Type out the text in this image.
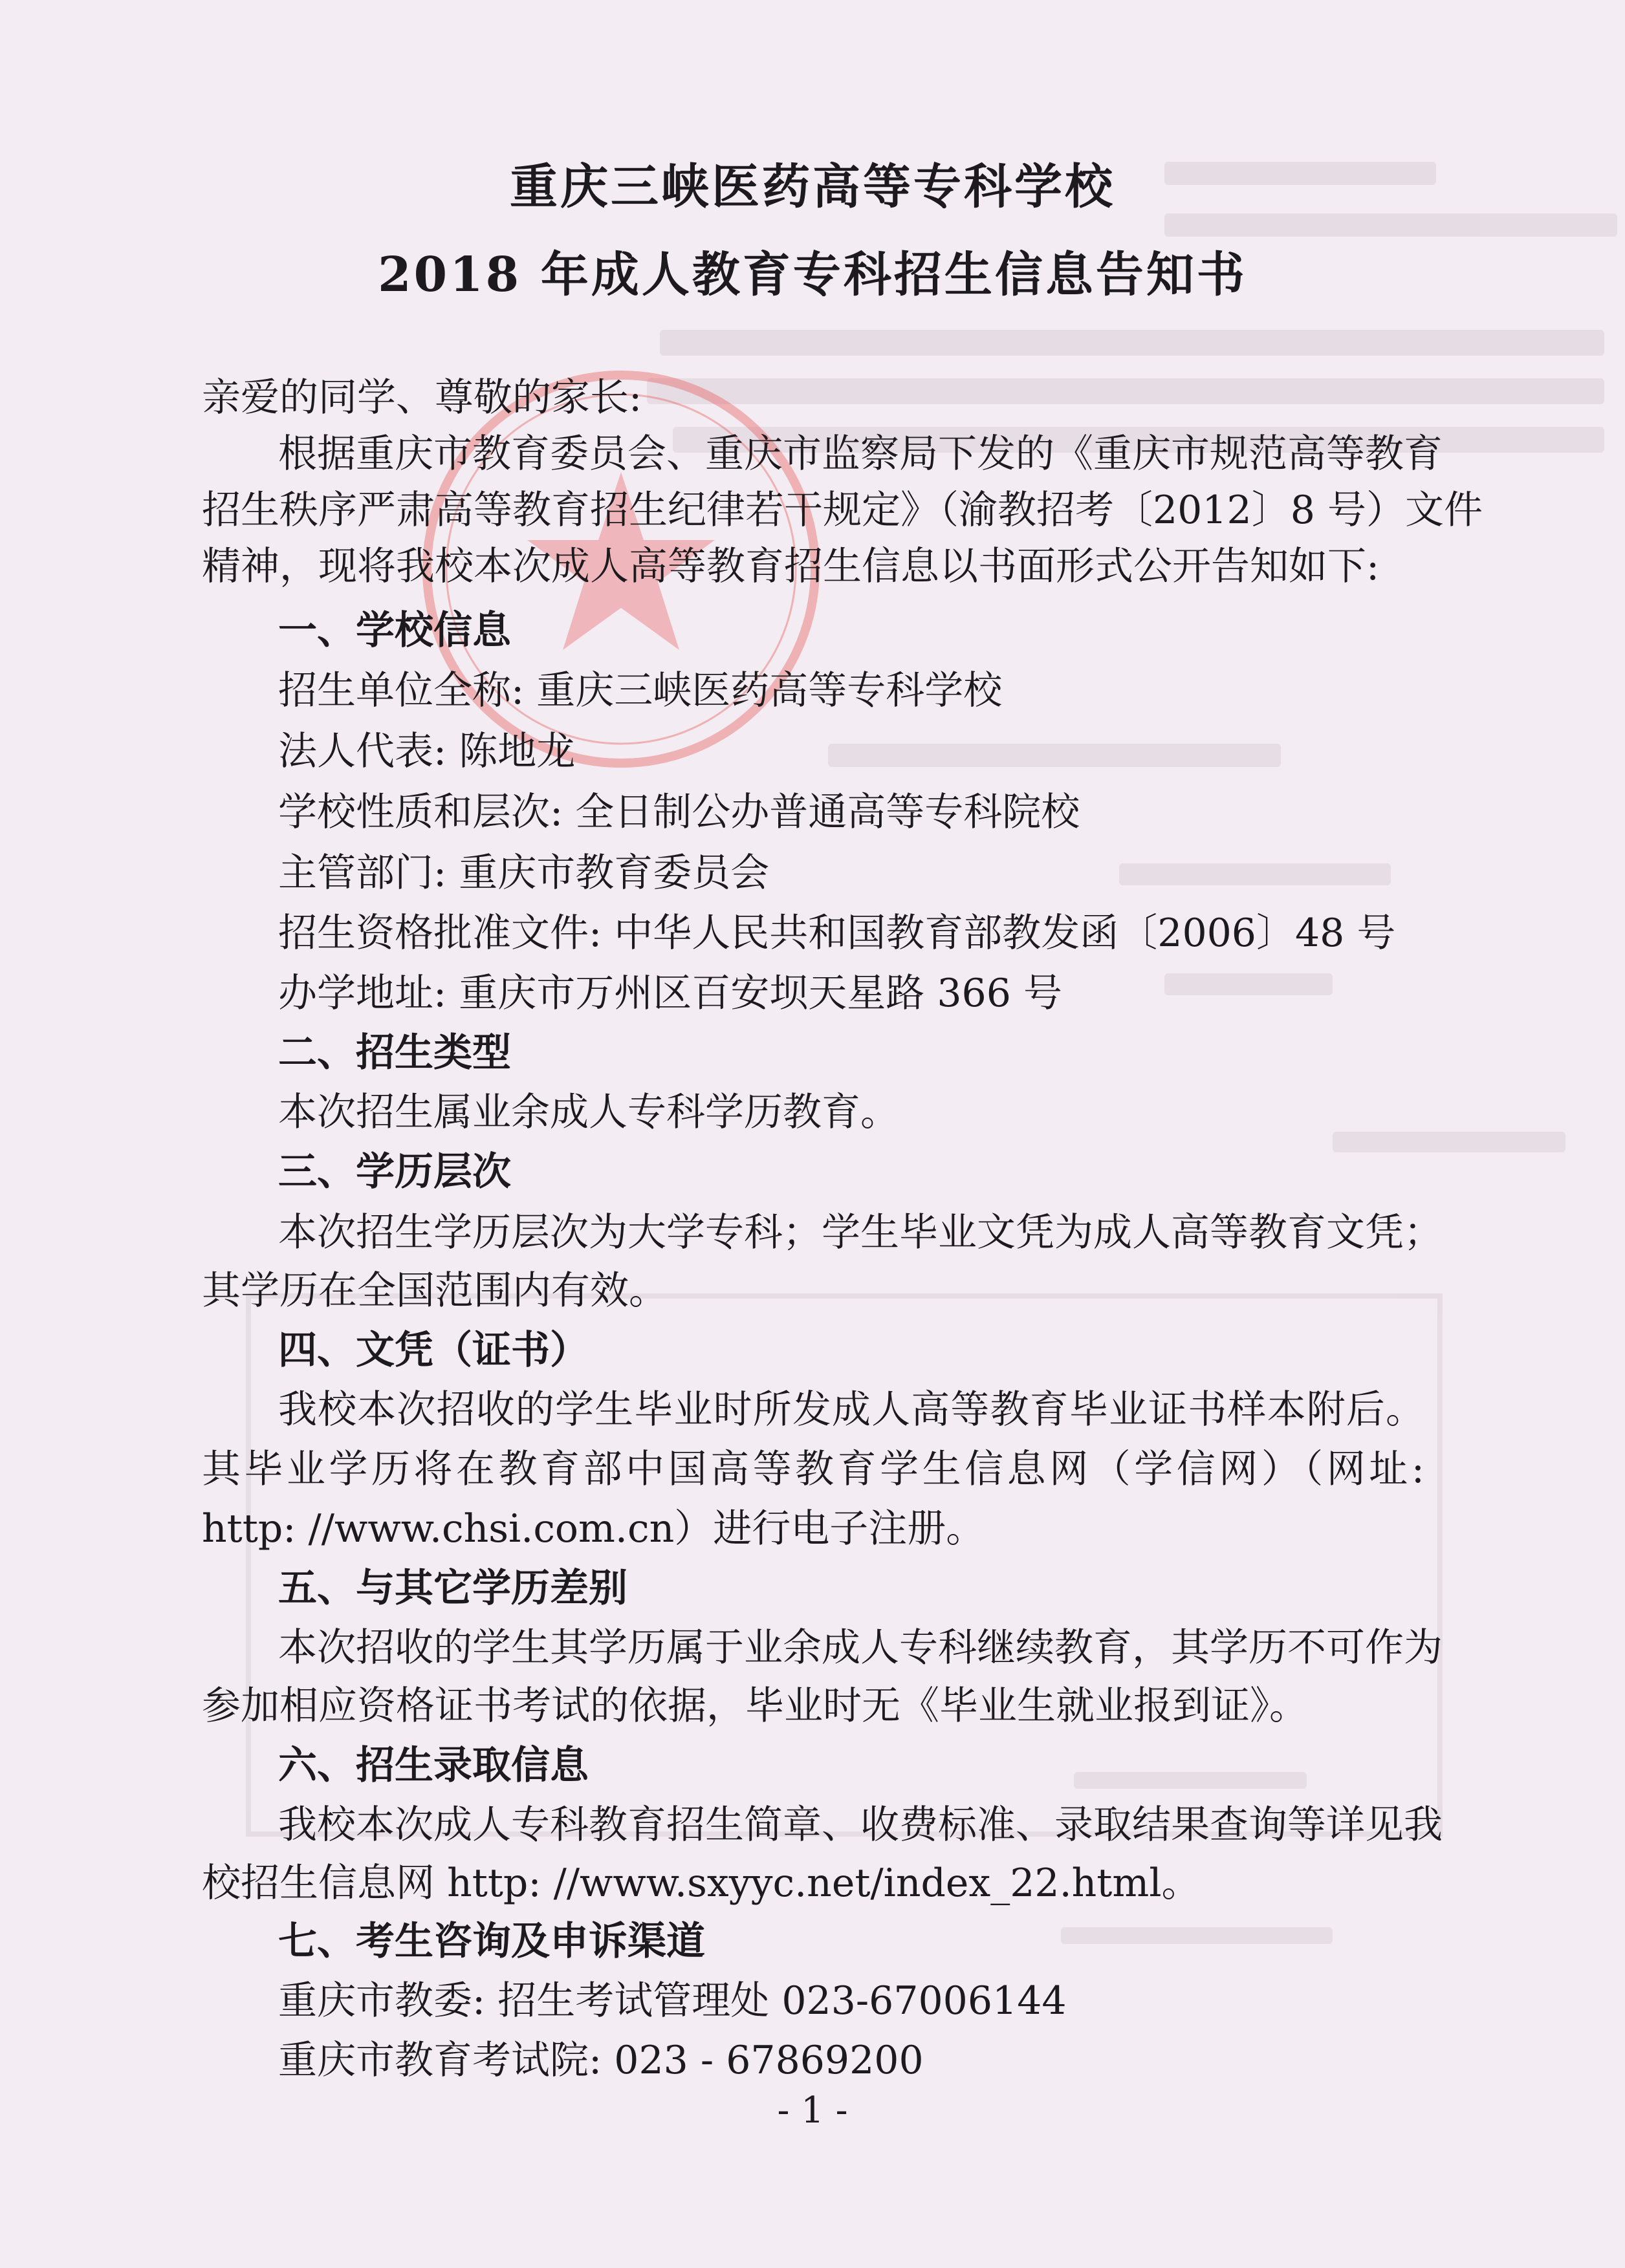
重庆三峡医药高等专科学校
2018 年成人教育专科招生信息告知书
亲爱的同学、尊敬的家长:
根据重庆市教育委员会、重庆市监察局下发的《重庆市规范高等教育
招生秩序严肃高等教育招生纪律若干规定》（渝教招考〔2012〕8 号）文件
精神，现将我校本次成人高等教育招生信息以书面形式公开告知如下:
一、学校信息
招生单位全称: 重庆三峡医药高等专科学校
法人代表: 陈地龙
学校性质和层次: 全日制公办普通高等专科院校
主管部门: 重庆市教育委员会
招生资格批准文件: 中华人民共和国教育部教发函〔2006〕48 号
办学地址: 重庆市万州区百安坝天星路 366 号
二、招生类型
本次招生属业余成人专科学历教育。
三、学历层次
本次招生学历层次为大学专科；学生毕业文凭为成人高等教育文凭；
其学历在全国范围内有效。
四、文凭（证书）
我校本次招收的学生毕业时所发成人高等教育毕业证书样本附后。
其毕业学历将在教育部中国高等教育学生信息网（学信网）（网址:
http: //www.chsi.com.cn）进行电子注册。
五、与其它学历差别
本次招收的学生其学历属于业余成人专科继续教育，其学历不可作为
参加相应资格证书考试的依据，毕业时无《毕业生就业报到证》。
六、招生录取信息
我校本次成人专科教育招生简章、收费标准、录取结果查询等详见我
校招生信息网 http: //www.sxyyc.net/index_22.html。
七、考生咨询及申诉渠道
重庆市教委: 招生考试管理处 023-67006144
重庆市教育考试院: 023 - 67869200
- 1 -
